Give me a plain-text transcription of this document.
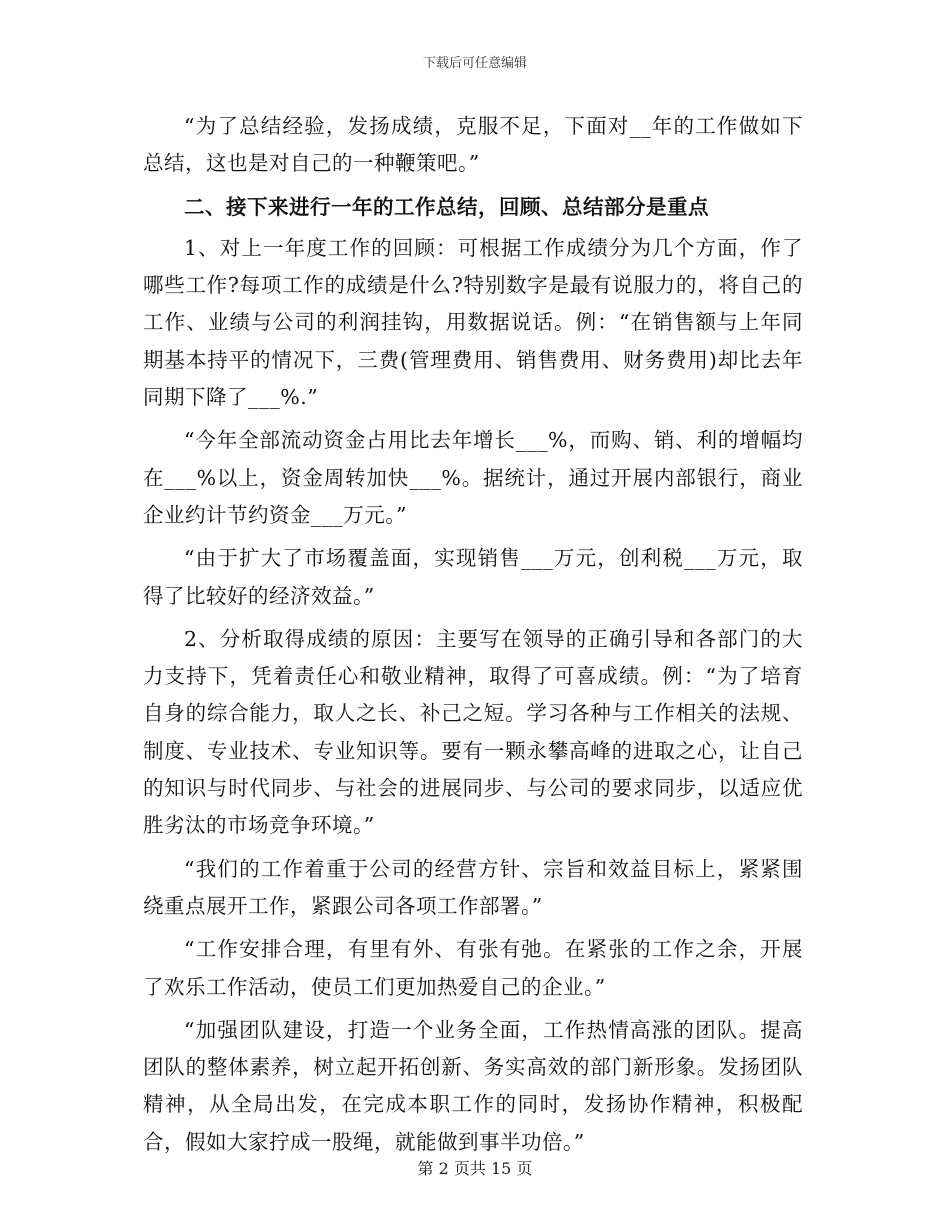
下载后可任意编辑

“为了总结经验，发扬成绩，克服不足，下面对__年的工作做如下总结，这也是对自己的一种鞭策吧。”

二、接下来进行一年的工作总结，回顾、总结部分是重点

1、对上一年度工作的回顾：可根据工作成绩分为几个方面，作了哪些工作?每项工作的成绩是什么?特别数字是最有说服力的，将自己的工作、业绩与公司的利润挂钩，用数据说话。例：“在销售额与上年同期基本持平的情况下，三费(管理费用、销售费用、财务费用)却比去年同期下降了___%.”

“今年全部流动资金占用比去年增长___%，而购、销、利的增幅均在___%以上，资金周转加快___%。据统计，通过开展内部银行，商业企业约计节约资金___万元。”

“由于扩大了市场覆盖面，实现销售___万元，创利税___万元，取得了比较好的经济效益。”

2、分析取得成绩的原因：主要写在领导的正确引导和各部门的大力支持下，凭着责任心和敬业精神，取得了可喜成绩。例：“为了培育自身的综合能力，取人之长、补己之短。学习各种与工作相关的法规、制度、专业技术、专业知识等。要有一颗永攀高峰的进取之心，让自己的知识与时代同步、与社会的进展同步、与公司的要求同步，以适应优胜劣汰的市场竞争环境。”

“我们的工作着重于公司的经营方针、宗旨和效益目标上，紧紧围绕重点展开工作，紧跟公司各项工作部署。”

“工作安排合理，有里有外、有张有弛。在紧张的工作之余，开展了欢乐工作活动，使员工们更加热爱自己的企业。”

“加强团队建设，打造一个业务全面，工作热情高涨的团队。提高团队的整体素养，树立起开拓创新、务实高效的部门新形象。发扬团队精神，从全局出发，在完成本职工作的同时，发扬协作精神，积极配合，假如大家拧成一股绳，就能做到事半功倍。”

第 2 页共 15 页
